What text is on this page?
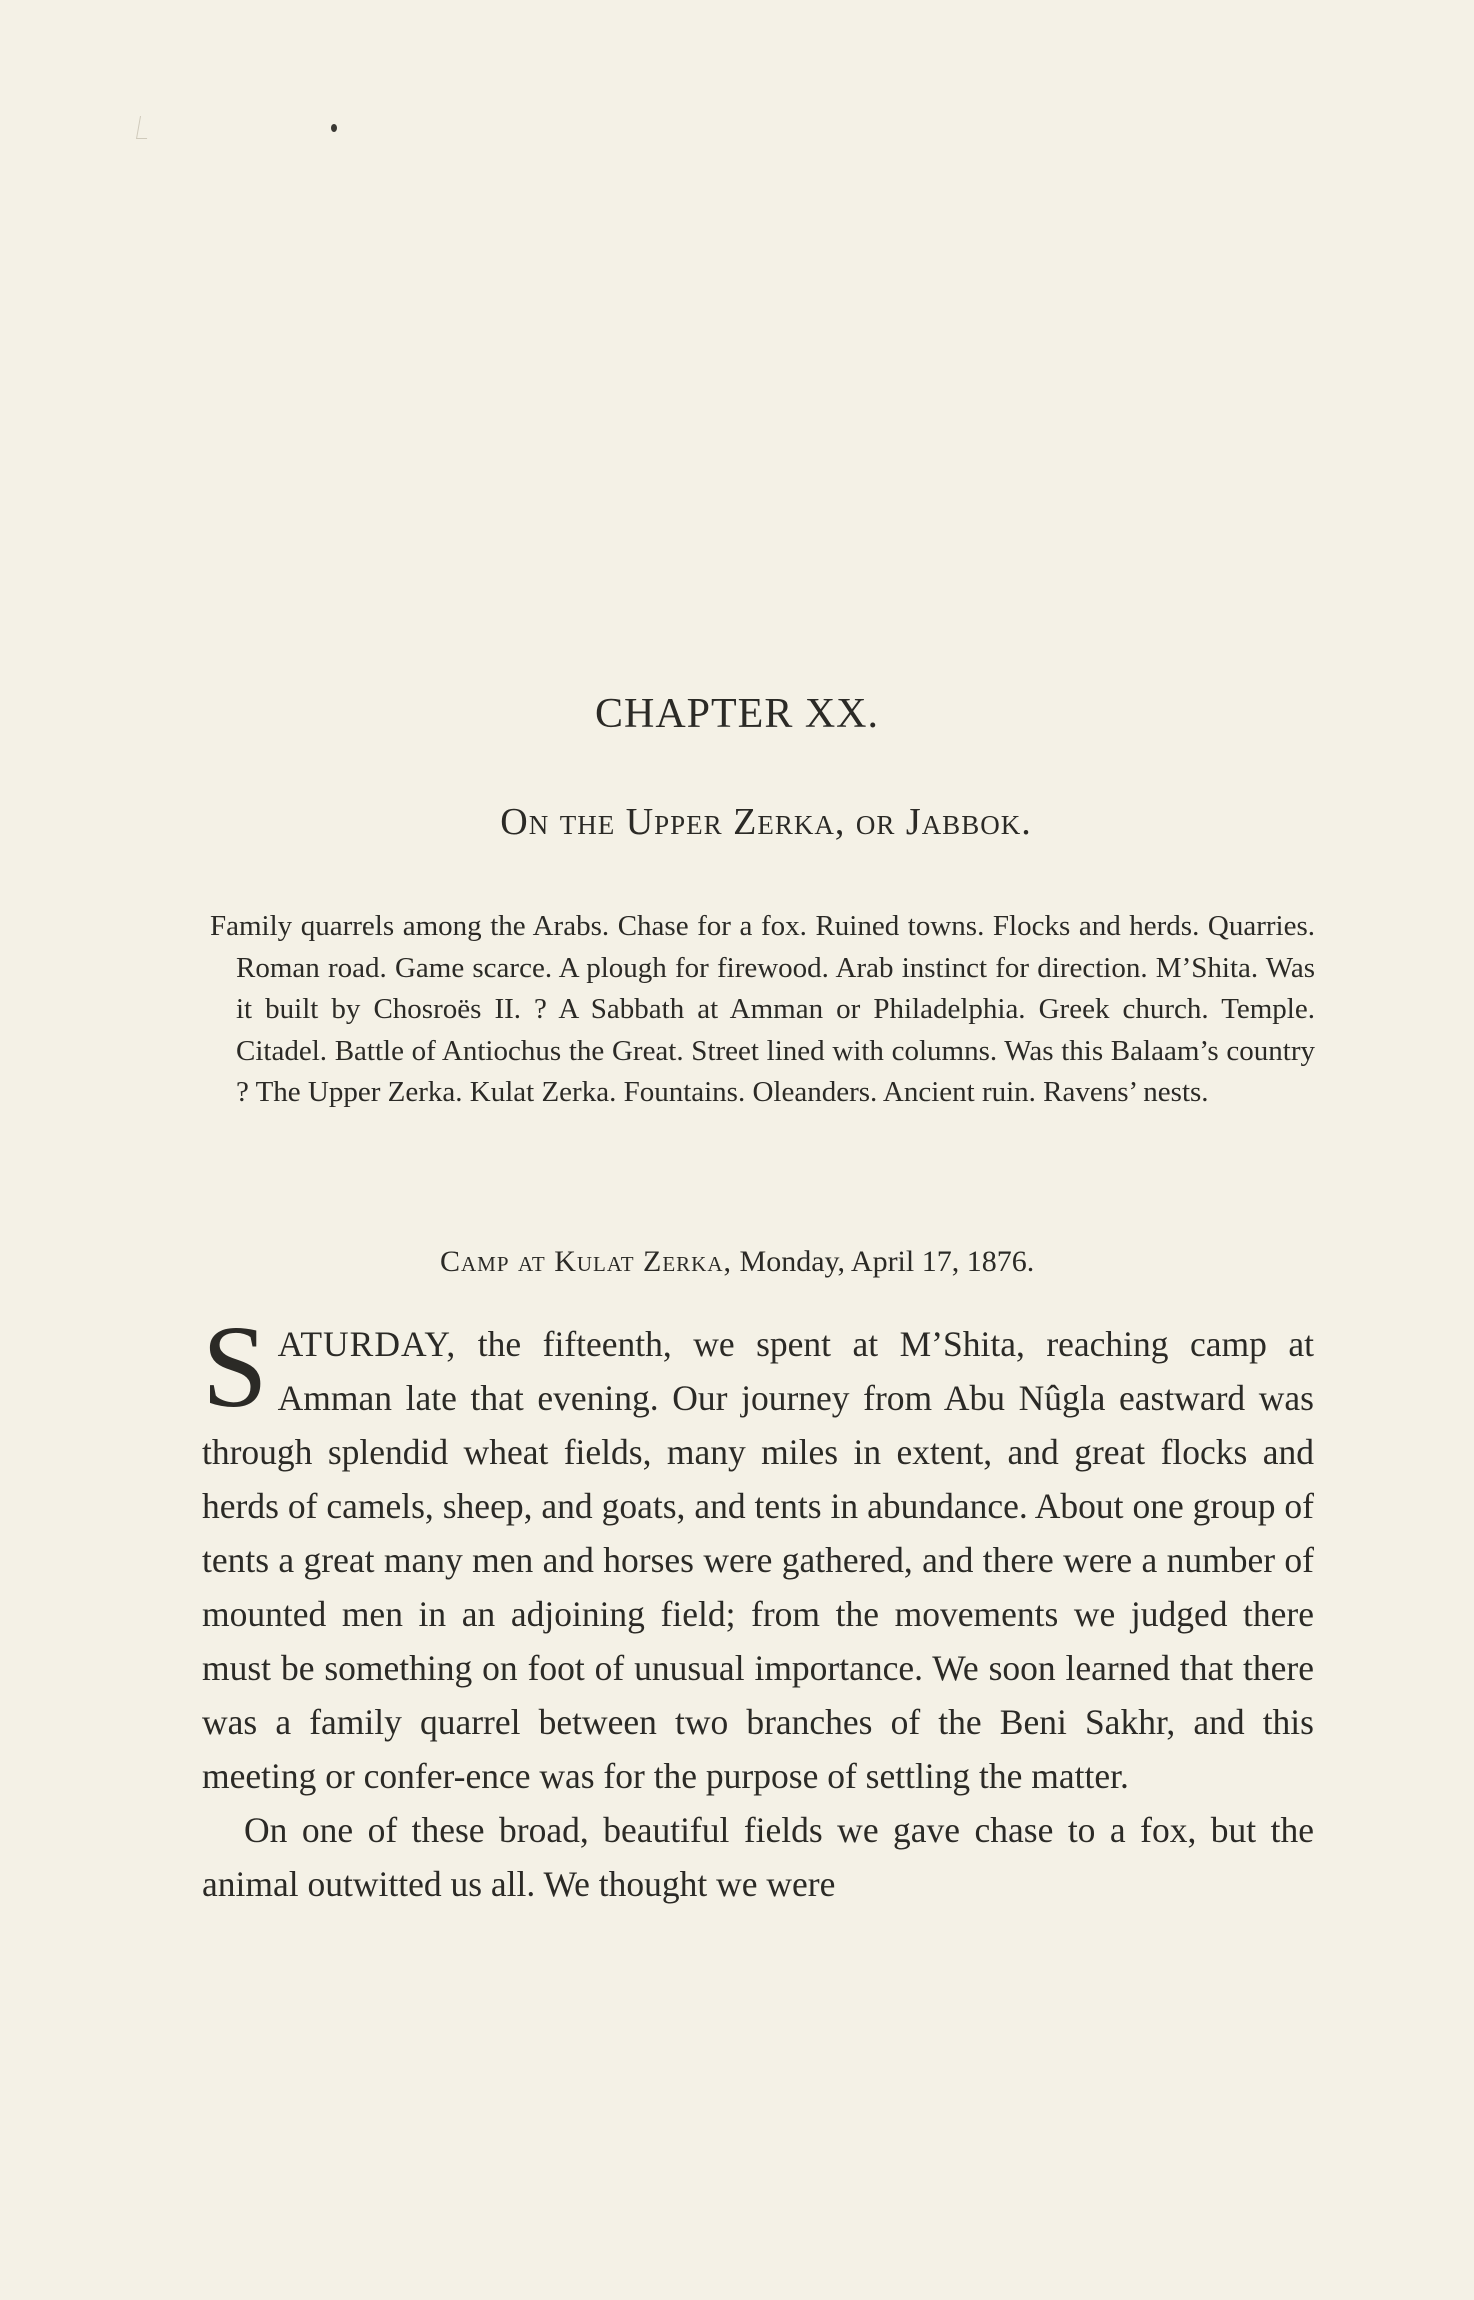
CHAPTER XX.
On the Upper Zerka, or Jabbok.

Family quarrels among the Arabs. Chase for a fox. Ruined towns. Flocks and herds. Quarries. Roman road. Game scarce. A plough for firewood. Arab instinct for direction. M’Shita. Was it built by Chosroës II. ? A Sabbath at Amman or Philadelphia. Greek church. Temple. Citadel. Battle of Antiochus the Great. Street lined with columns. Was this Balaam’s country ? The Upper Zerka. Kulat Zerka. Fountains. Oleanders. Ancient ruin. Ravens’ nests.

Camp at Kulat Zerka, Monday, April 17, 1876.

SATURDAY, the fifteenth, we spent at M’Shita, reaching camp at Amman late that evening. Our journey from Abu Nûgla eastward was through splendid wheat fields, many miles in extent, and great flocks and herds of camels, sheep, and goats, and tents in abundance. About one group of tents a great many men and horses were gathered, and there were a number of mounted men in an adjoining field; from the movements we judged there must be something on foot of unusual importance. We soon learned that there was a family quarrel between two branches of the Beni Sakhr, and this meeting or confer-ence was for the purpose of settling the matter.

On one of these broad, beautiful fields we gave chase to a fox, but the animal outwitted us all. We thought we were
